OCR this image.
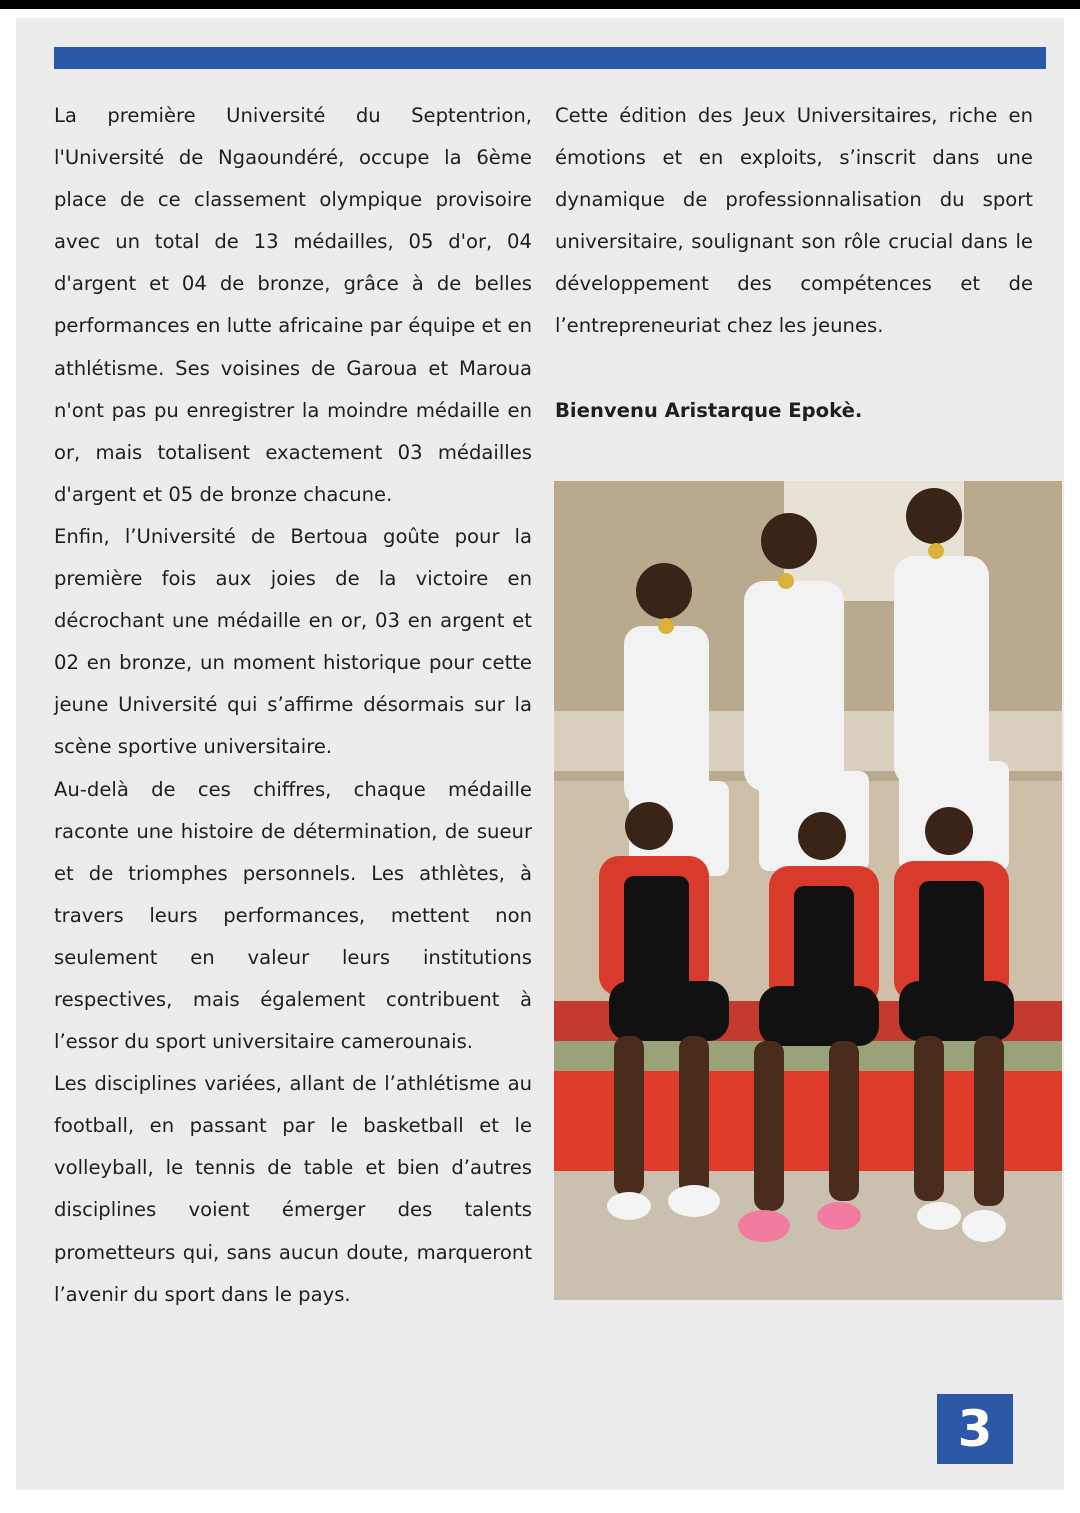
La première Université du Septentrion, l'Université de Ngaoundéré, occupe la 6ème place de ce classement olympique provisoire avec un total de 13 médailles, 05 d'or, 04 d'argent et 04 de bronze, grâce à de belles performances en lutte africaine par équipe et en athlétisme. Ses voisines de Garoua et Maroua n'ont pas pu enregistrer la moindre médaille en or, mais totalisent exactement 03 médailles d'argent et 05 de bronze chacune.

Enfin, l’Université de Bertoua goûte pour la première fois aux joies de la victoire en décrochant une médaille en or, 03 en argent et 02 en bronze, un moment historique pour cette jeune Université qui s’affirme désormais sur la scène sportive universitaire.

Au-delà de ces chiffres, chaque médaille raconte une histoire de détermination, de sueur et de triomphes personnels. Les athlètes, à travers leurs performances, mettent non seulement en valeur leurs institutions respectives, mais également contribuent à l’essor du sport universitaire camerounais.

Les disciplines variées, allant de l’athlétisme au football, en passant par le basketball et le volleyball, le tennis de table et bien d’autres disciplines voient émerger des talents prometteurs qui, sans aucun doute, marqueront l’avenir du sport dans le pays.

Cette édition des Jeux Universitaires, riche en émotions et en exploits, s’inscrit dans une dynamique de professionnalisation du sport universitaire, soulignant son rôle crucial dans le développement des compétences et de l’entrepreneuriat chez les jeunes.

Bienvenu Aristarque Epokè.

3
